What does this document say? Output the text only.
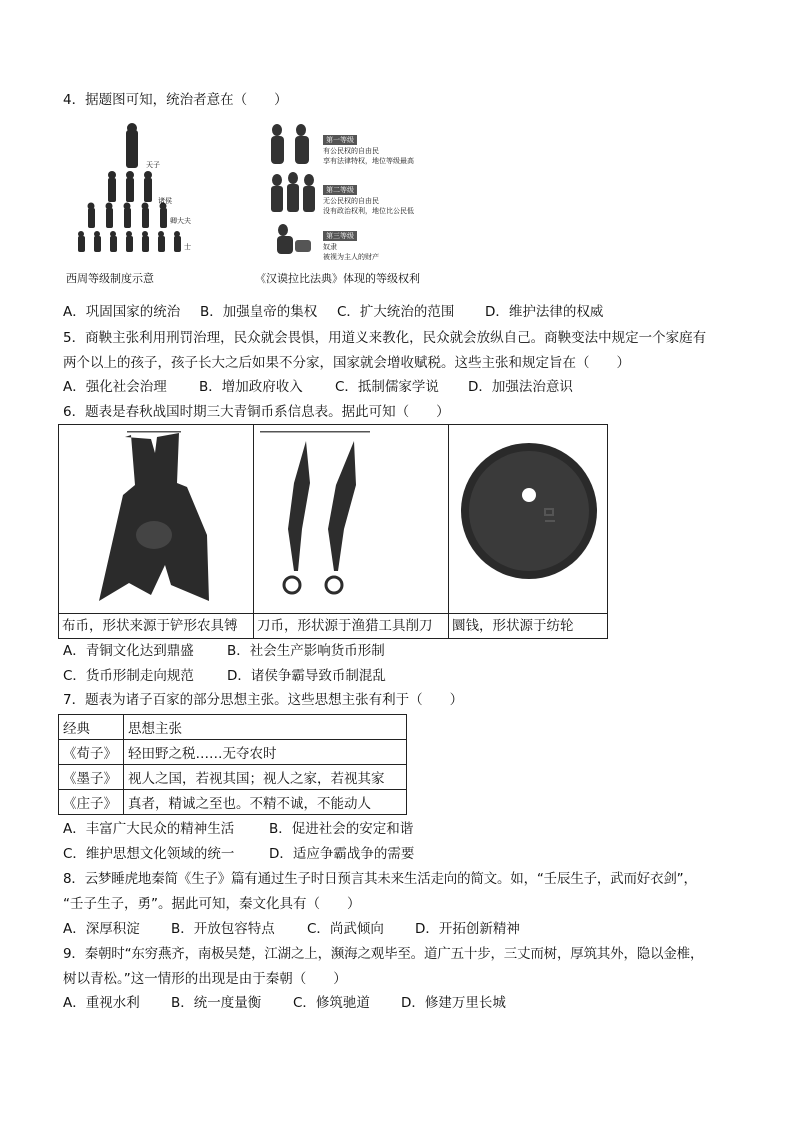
4．据题图可知，统治者意在（　　）
天子
诸侯
卿大夫
士
西周等级制度示意
第一等级
有公民权的自由民
享有法律特权，地位等级最高
第二等级
无公民权的自由民
没有政治权利，地位比公民低
第三等级
奴隶
被视为主人的财产
《汉谟拉比法典》体现的等级权利
A．巩固国家的统治 B．加强皇帝的集权 C．扩大统治的范围 D．维护法律的权威
5．商鞅主张利用刑罚治理，民众就会畏惧，用道义来教化，民众就会放纵自己。商鞅变法中规定一个家庭有
两个以上的孩子，孩子长大之后如果不分家，国家就会增收赋税。这些主张和规定旨在（　　）
A．强化社会治理 B．增加政府收入 C．抵制儒家学说 D．加强法治意识
6．题表是春秋战国时期三大青铜币系信息表。据此可知（　　）

布币，形状来源于铲形农具镈	刀币，形状源于渔猎工具削刀	圜钱，形状源于纺轮
A．青铜文化达到鼎盛 B．社会生产影响货币形制
C．货币形制走向规范 D．诸侯争霸导致币制混乱
7．题表为诸子百家的部分思想主张。这些思想主张有利于（　　）
经典	思想主张
《荀子》	轻田野之税……无夺农时
《墨子》	视人之国，若视其国；视人之家，若视其家
《庄子》	真者，精诚之至也。不精不诚，不能动人
A．丰富广大民众的精神生活	B．促进社会的安定和谐
C．维护思想文化领域的统一	D．适应争霸战争的需要
8．云梦睡虎地秦简《生子》篇有通过生子时日预言其未来生活走向的简文。如，“壬辰生子，武而好衣剑”，
“壬子生子，勇”。据此可知，秦文化具有（　　）
A．深厚积淀 B．开放包容特点 C．尚武倾向 D．开拓创新精神
9．秦朝时“东穷燕齐，南极吴楚，江湖之上，濒海之观毕至。道广五十步，三丈而树，厚筑其外，隐以金椎，
树以青松。”这一情形的出现是由于秦朝（　　）
A．重视水利 B．统一度量衡 C．修筑驰道 D．修建万里长城
